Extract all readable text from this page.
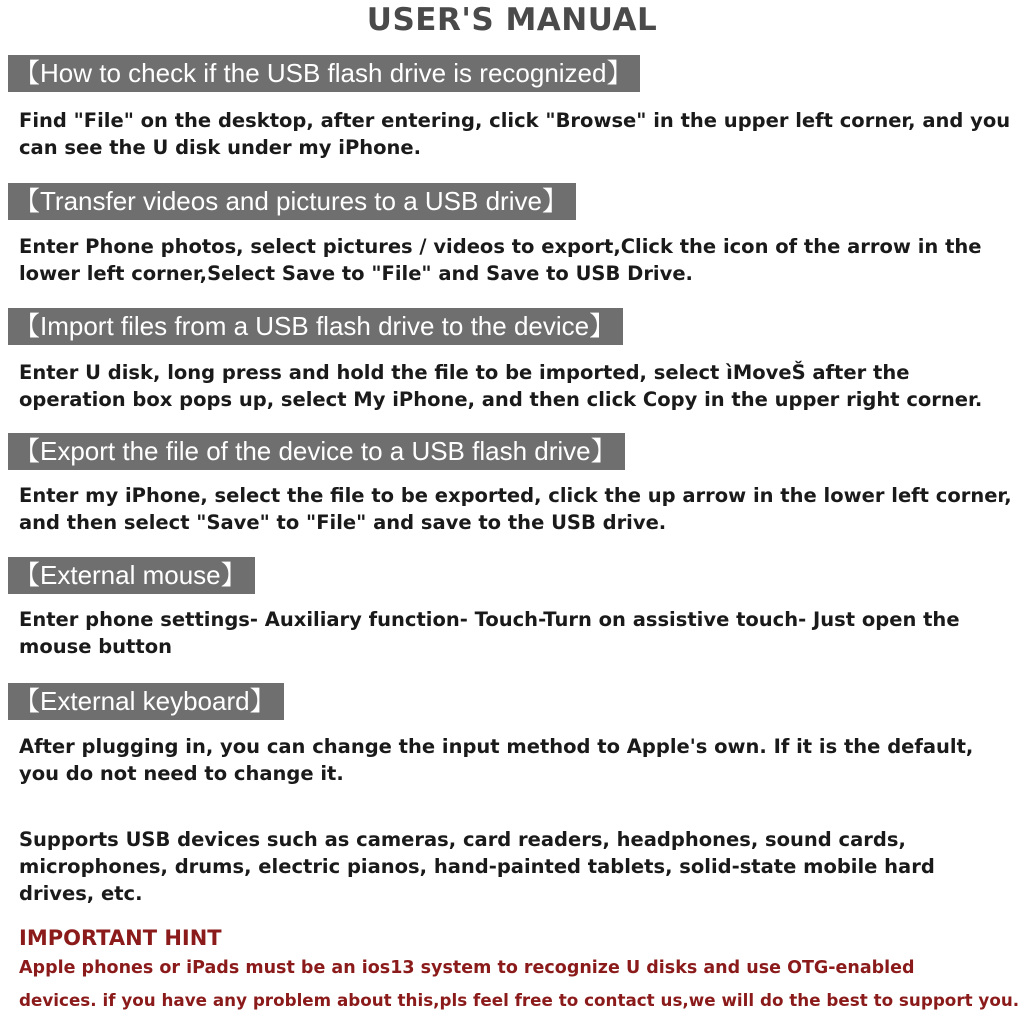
USER'S MANUAL
【How to check if the USB flash drive is recognized】

Find "File" on the desktop, after entering, click "Browse" in the upper left corner, and you can see the U disk under my iPhone.

【Transfer videos and pictures to a USB drive】

Enter Phone photos, select pictures / videos to export,Click the icon of the arrow in the lower left corner,Select Save to "File" and Save to USB Drive.

【Import files from a USB flash drive to the device】

Enter U disk, long press and hold the file to be imported, select ìMoveŠ after the operation box pops up, select My iPhone, and then click Copy in the upper right corner.

【Export the file of the device to a USB flash drive】

Enter my iPhone, select the file to be exported, click the up arrow in the lower left corner, and then select "Save" to "File" and save to the USB drive.

【External mouse】

Enter phone settings- Auxiliary function- Touch-Turn on assistive touch- Just open the mouse button

【External keyboard】

After plugging in, you can change the input method to Apple's own. If it is the default, you do not need to change it.

Supports USB devices such as cameras, card readers, headphones, sound cards, microphones, drums, electric pianos, hand-painted tablets, solid-state mobile hard drives, etc.

IMPORTANT HINT

Apple phones or iPads must be an ios13 system to recognize U disks and use OTG-enabled

devices. if you have any problem about this,pls feel free to contact us,we will do the best to support you.
